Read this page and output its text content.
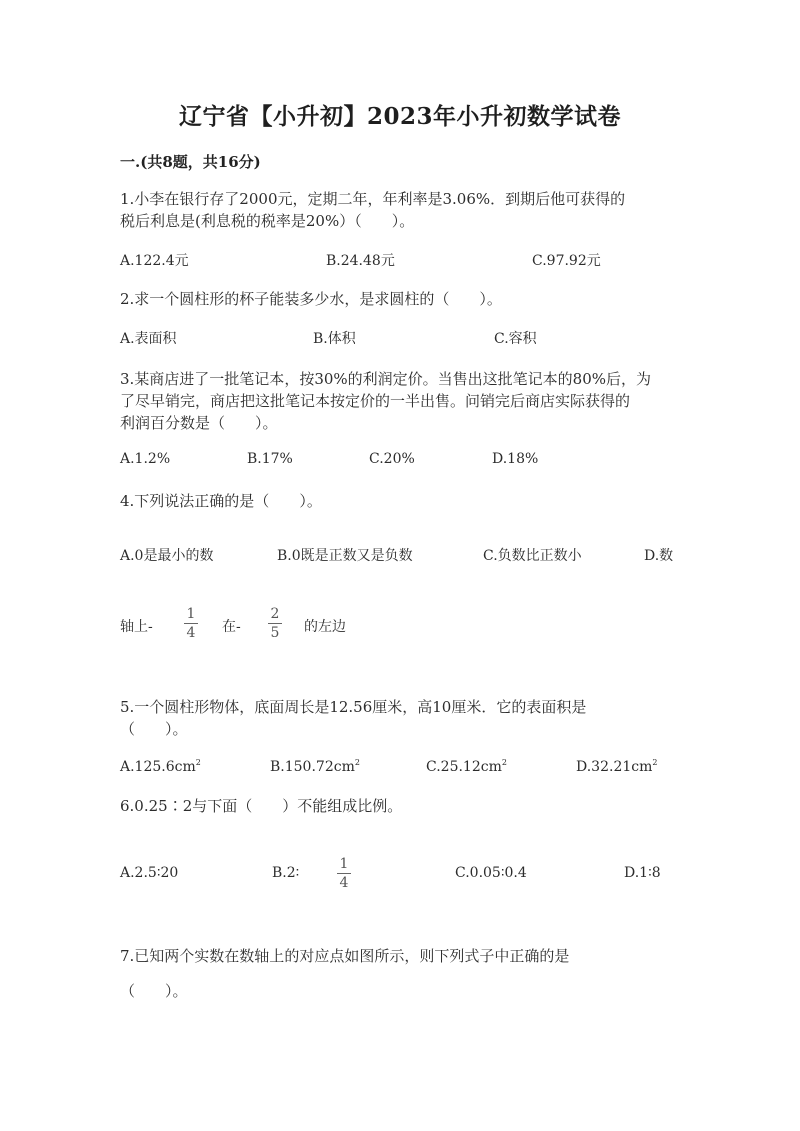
辽宁省【小升初】2023年小升初数学试卷
一.(共8题，共16分)
1.小李在银行存了2000元，定期二年，年利率是3.06%．到期后他可获得的
税后利息是(利息税的税率是20%）（　　）。
A.122.4元	B.24.48元	C.97.92元
2.求一个圆柱形的杯子能装多少水，是求圆柱的（　　）。
A.表面积	B.体积	C.容积
3.某商店进了一批笔记本，按30%的利润定价。当售出这批笔记本的80%后，为
了尽早销完，商店把这批笔记本按定价的一半出售。问销完后商店实际获得的
利润百分数是（　　）。
A.1.2%	B.17%	C.20%	D.18%
4.下列说法正确的是（　　）。
A.0是最小的数	B.0既是正数又是负数	C.负数比正数小	D.数
轴上-
1
4 在-
2
5 的左边
5.一个圆柱形物体，底面周长是12.56厘米，高10厘米．它的表面积是
（　　）。
$A.125.6cm^2$	$B.150.72cm^2$	$C.25.12cm^2$	$D.32.21cm^2$
6.0.25∶2与下面（　　）不能组成比例。
A.2.5∶20	B.2∶
1
4
C.0.05∶0.4	D.1∶8
7.已知两个实数在数轴上的对应点如图所示，则下列式子中正确的是
（　　）。
